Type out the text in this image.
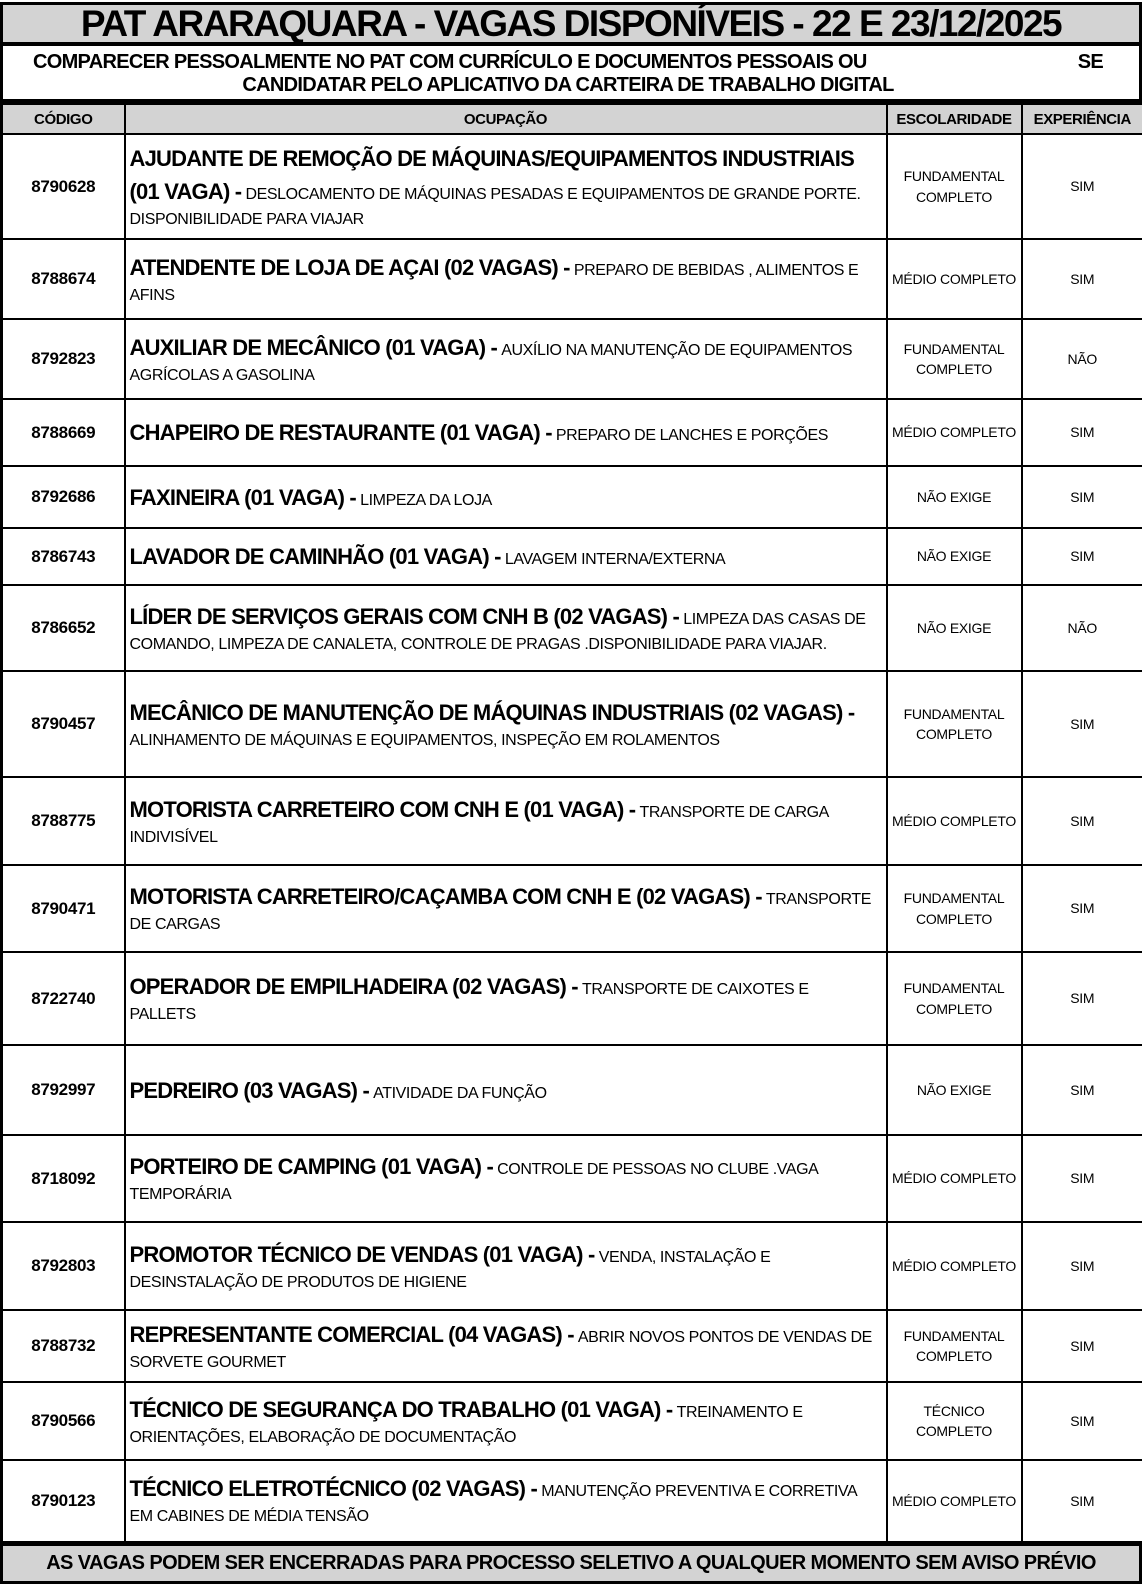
PAT ARARAQUARA - VAGAS DISPONÍVEIS - 22 E 23/12/2025
COMPARECER PESSOALMENTE NO PAT COM CURRÍCULO E DOCUMENTOS PESSOAIS OU	SE
CANDIDATAR PELO APLICATIVO DA CARTEIRA DE TRABALHO DIGITAL
CÓDIGO	OCUPAÇÃO	ESCOLARIDADE	EXPERIÊNCIA
8790628	AJUDANTE DE REMOÇÃO DE MÁQUINAS/EQUIPAMENTOS INDUSTRIAIS (01 VAGA) - DESLOCAMENTO DE MÁQUINAS PESADAS E EQUIPAMENTOS DE GRANDE PORTE. DISPONIBILIDADE PARA VIAJAR	FUNDAMENTAL COMPLETO	SIM
8788674	ATENDENTE DE LOJA DE AÇAI (02 VAGAS) - PREPARO DE BEBIDAS , ALIMENTOS E AFINS	MÉDIO COMPLETO	SIM
8792823	AUXILIAR DE MECÂNICO (01 VAGA) - AUXÍLIO NA MANUTENÇÃO DE EQUIPAMENTOS AGRÍCOLAS A GASOLINA	FUNDAMENTAL COMPLETO	NÃO
8788669	CHAPEIRO DE RESTAURANTE (01 VAGA) - PREPARO DE LANCHES E PORÇÕES	MÉDIO COMPLETO	SIM
8792686	FAXINEIRA (01 VAGA) - LIMPEZA DA LOJA	NÃO EXIGE	SIM
8786743	LAVADOR DE CAMINHÃO (01 VAGA) - LAVAGEM INTERNA/EXTERNA	NÃO EXIGE	SIM
8786652	LÍDER DE SERVIÇOS GERAIS COM CNH B (02 VAGAS) - LIMPEZA DAS CASAS DE COMANDO, LIMPEZA DE CANALETA, CONTROLE DE PRAGAS .DISPONIBILIDADE PARA VIAJAR.	NÃO EXIGE	NÃO
8790457	MECÂNICO DE MANUTENÇÃO DE MÁQUINAS INDUSTRIAIS (02 VAGAS) - ALINHAMENTO DE MÁQUINAS E EQUIPAMENTOS, INSPEÇÃO EM ROLAMENTOS	FUNDAMENTAL COMPLETO	SIM
8788775	MOTORISTA CARRETEIRO COM CNH E (01 VAGA) - TRANSPORTE DE CARGA INDIVISÍVEL	MÉDIO COMPLETO	SIM
8790471	MOTORISTA CARRETEIRO/CAÇAMBA COM CNH E (02 VAGAS) - TRANSPORTE DE CARGAS	FUNDAMENTAL COMPLETO	SIM
8722740	OPERADOR DE EMPILHADEIRA (02 VAGAS) - TRANSPORTE DE CAIXOTES E PALLETS	FUNDAMENTAL COMPLETO	SIM
8792997	PEDREIRO (03 VAGAS) - ATIVIDADE DA FUNÇÃO	NÃO EXIGE	SIM
8718092	PORTEIRO DE CAMPING (01 VAGA) - CONTROLE DE PESSOAS NO CLUBE .VAGA TEMPORÁRIA	MÉDIO COMPLETO	SIM
8792803	PROMOTOR TÉCNICO DE VENDAS (01 VAGA) - VENDA, INSTALAÇÃO E DESINSTALAÇÃO DE PRODUTOS DE HIGIENE	MÉDIO COMPLETO	SIM
8788732	REPRESENTANTE COMERCIAL (04 VAGAS) - ABRIR NOVOS PONTOS DE VENDAS DE SORVETE GOURMET	FUNDAMENTAL COMPLETO	SIM
8790566	TÉCNICO DE SEGURANÇA DO TRABALHO (01 VAGA) - TREINAMENTO E ORIENTAÇÕES, ELABORAÇÃO DE DOCUMENTAÇÃO	TÉCNICO COMPLETO	SIM
8790123	TÉCNICO ELETROTÉCNICO (02 VAGAS) - MANUTENÇÃO PREVENTIVA E CORRETIVA EM CABINES DE MÉDIA TENSÃO	MÉDIO COMPLETO	SIM
AS VAGAS PODEM SER ENCERRADAS PARA PROCESSO SELETIVO A QUALQUER MOMENTO SEM AVISO PRÉVIO
